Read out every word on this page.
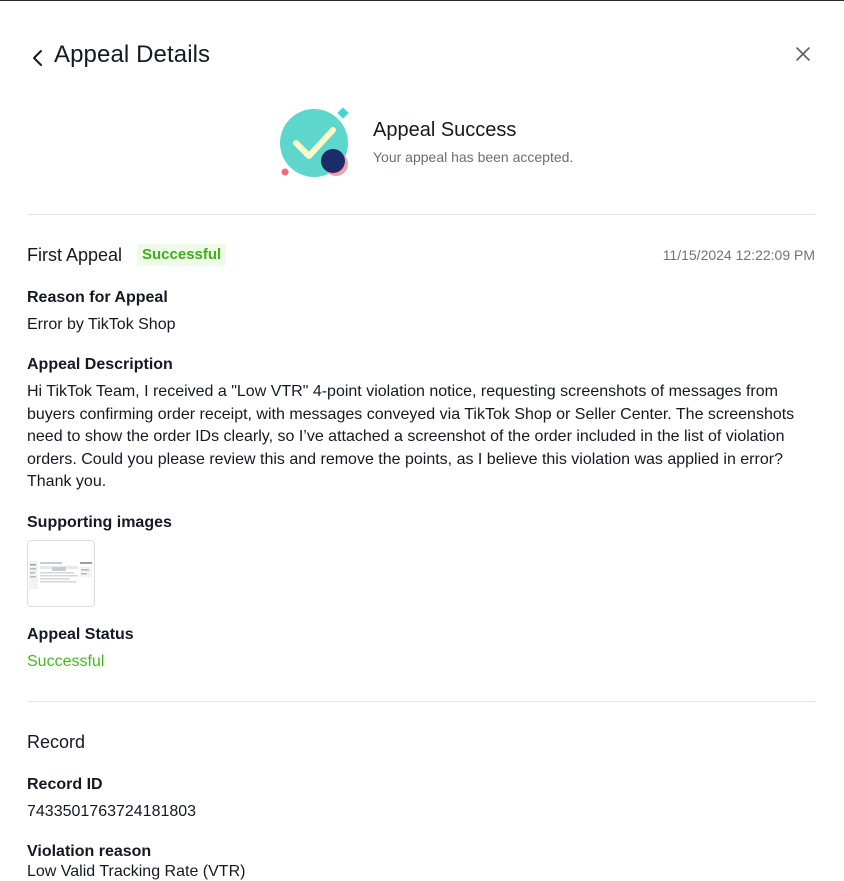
Appeal Details
Appeal Success
Your appeal has been accepted.
First Appeal	Successful	11/15/2024 12:22:09 PM
Reason for Appeal
Error by TikTok Shop
Appeal Description
Hi TikTok Team, I received a "Low VTR" 4-point violation notice, requesting screenshots of messages from buyers confirming order receipt, with messages conveyed via TikTok Shop or Seller Center. The screenshots need to show the order IDs clearly, so I’ve attached a screenshot of the order included in the list of violation orders. Could you please review this and remove the points, as I believe this violation was applied in error? Thank you.
Supporting images
Appeal Status
Successful
Record
Record ID
7433501763724181803
Violation reason
Low Valid Tracking Rate (VTR)
